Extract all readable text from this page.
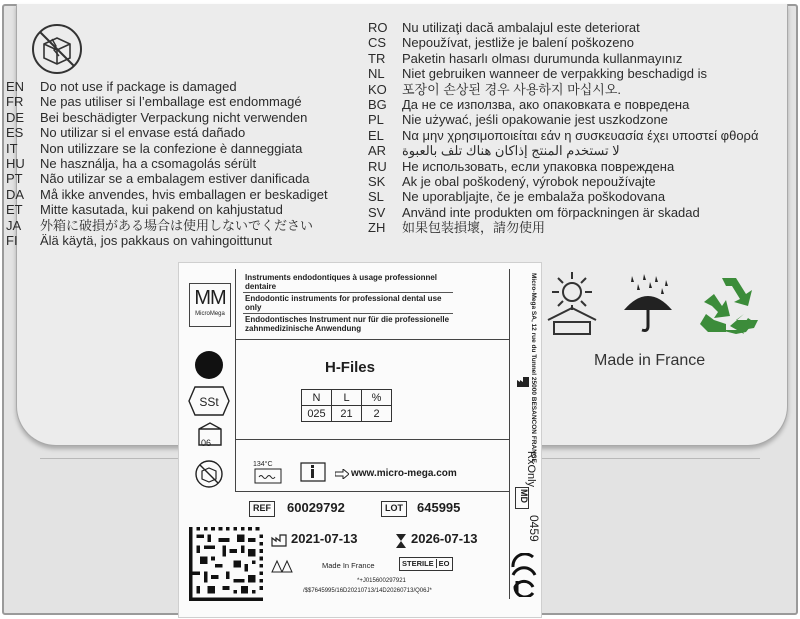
EN	Do not use if package is damaged
FR	Ne pas utiliser si l’emballage est endommagé
DE	Bei beschädigter Verpackung nicht verwenden
ES	No utilizar si el envase está dañado
IT	Non utilizzare se la confezione è danneggiata
HU	Ne használja, ha a csomagolás sérült
PT	Não utilizar se a embalagem estiver danificada
DA	Må ikke anvendes, hvis emballagen er beskadiget
ET	Mitte kasutada, kui pakend on kahjustatud
JA	外箱に破損がある場合は使用しないでください
FI	Älä käytä, jos pakkaus on vahingoittunut
RO	Nu utilizaţi dacă ambalajul este deteriorat
CS	Nepoužívat, jestliže je balení poškozeno
TR	Paketin hasarlı olması durumunda kullanmayınız
NL	Niet gebruiken wanneer de verpakking beschadigd is
KO	포장이 손상된 경우 사용하지 마십시오.
BG	Да не се използва, ако опаковката е повредена
PL	Nie używać, jeśli opakowanie jest uszkodzone
EL	Να μην χρησιμοποιείται εάν η συσκευασία έχει υποστεί φθορά
AR	لا تستخدم المنتج إذاكان هناك تلف بالعبوة
RU	Не использовать, если упаковка повреждена
SK	Ak je obal poškodený, výrobok nepoužívajte
SL	Ne uporabljajte, če je embalaža poškodovana
SV	Använd inte produkten om förpackningen är skadad
ZH	如果包装損壞，請勿使用
Made in France
MM
MicroMega
Instruments endodontiques à usage professionnel dentaire
Endodontic instruments for professional dental use only
Endodontisches Instrument nur für die professionelle zahnmedizinische Anwendung	Micro-Mega SA, 12 rue du Tunnel 25000 BESANCON FRANCE
RxOnly
MD
0459
SSt
06
H-Files
N	L	%
025	21	2
134°C
www.micro-mega.com
REF	60029792	LOT	645995
2021-07-13	2026-07-13
Made In France	STERILE EO
*+J015600297921
/$$7645995/16D20210713/14D20260713/Q06J*
